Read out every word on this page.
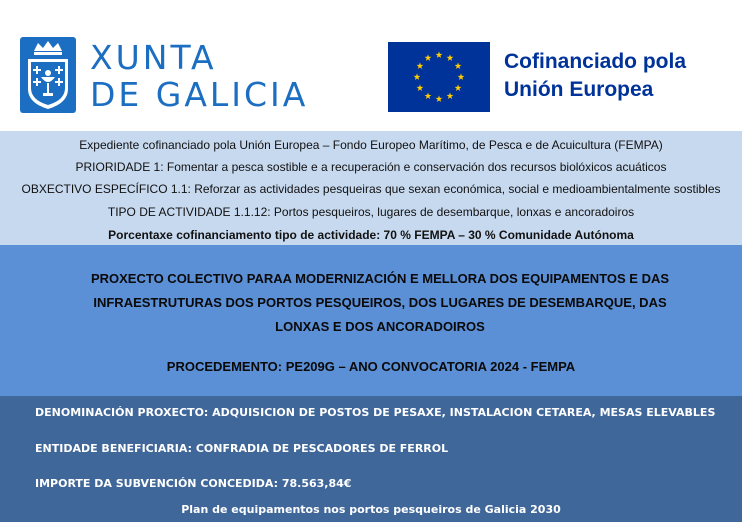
XUNTA
DE GALICIA
Cofinanciado pola
Unión Europea
Expediente cofinanciado pola Unión Europea – Fondo Europeo Marítimo, de Pesca e de Acuicultura (FEMPA)
PRIORIDADE 1: Fomentar a pesca sostible e a recuperación e conservación dos recursos biolóxicos acuáticos
OBXECTIVO ESPECÍFICO 1.1: Reforzar as actividades pesqueiras que sexan económica, social e medioambientalmente sostibles
TIPO DE ACTIVIDADE 1.1.12: Portos pesqueiros, lugares de desembarque, lonxas e ancoradoiros
Porcentaxe cofinanciamento tipo de actividade: 70 % FEMPA – 30 % Comunidade Autónoma
PROXECTO COLECTIVO PARAA MODERNIZACIÓN E MELLORA DOS EQUIPAMENTOS E DAS
INFRAESTRUTURAS DOS PORTOS PESQUEIROS, DOS LUGARES DE DESEMBARQUE, DAS
LONXAS E DOS ANCORADOIROS
PROCEDEMENTO: PE209G – ANO CONVOCATORIA 2024 - FEMPA
DENOMINACIÓN PROXECTO: ADQUISICION DE POSTOS DE PESAXE, INSTALACION CETAREA, MESAS ELEVABLES
ENTIDADE BENEFICIARIA: CONFRADIA DE PESCADORES DE FERROL
IMPORTE DA SUBVENCIÓN CONCEDIDA: 78.563,84€
Plan de equipamentos nos portos pesqueiros de Galicia 2030
